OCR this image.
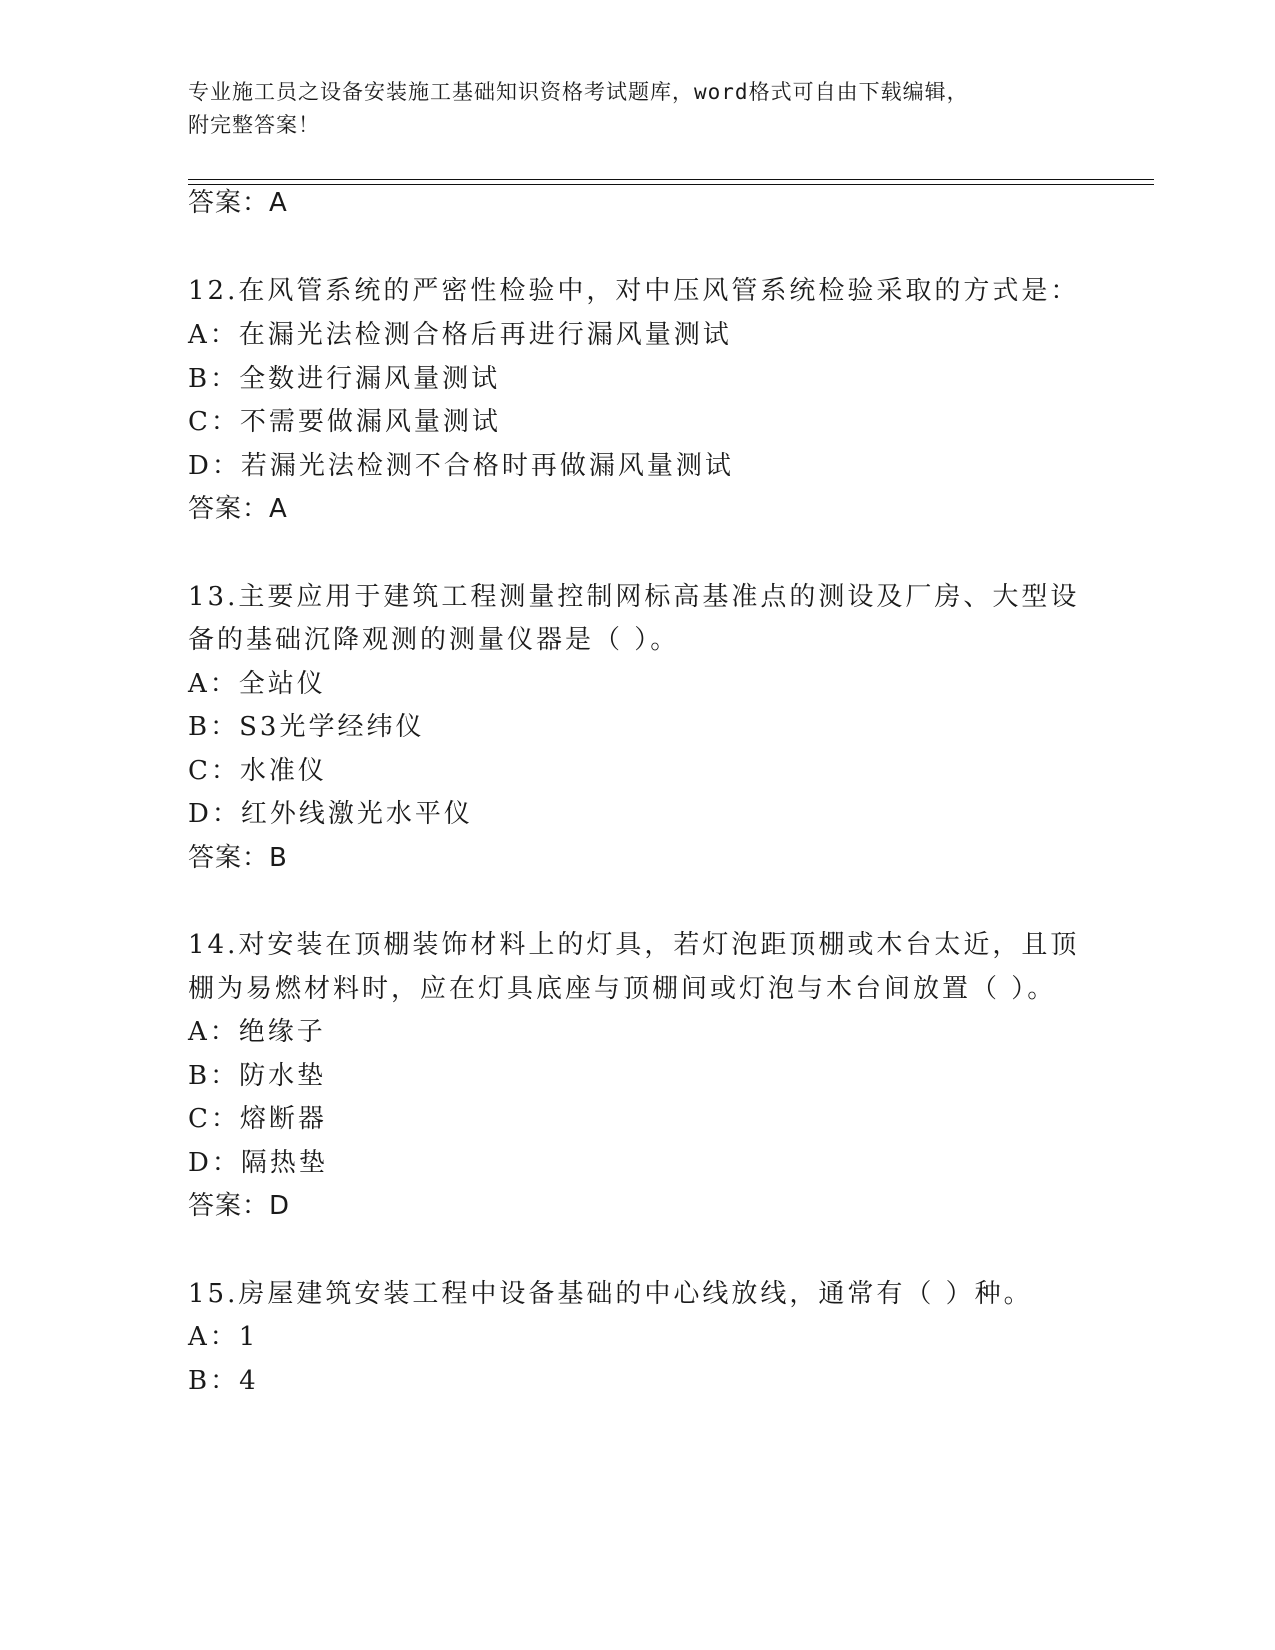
专业施工员之设备安装施工基础知识资格考试题库，word格式可自由下载编辑，
附完整答案！
答案：A
12.在风管系统的严密性检验中，对中压风管系统检验采取的方式是：
A：在漏光法检测合格后再进行漏风量测试
B：全数进行漏风量测试
C：不需要做漏风量测试
D：若漏光法检测不合格时再做漏风量测试
答案：A
13.主要应用于建筑工程测量控制网标高基准点的测设及厂房、大型设
备的基础沉降观测的测量仪器是（ ）。
A：全站仪
B：S3光学经纬仪
C：水准仪
D：红外线激光水平仪
答案：B
14.对安装在顶棚装饰材料上的灯具，若灯泡距顶棚或木台太近，且顶
棚为易燃材料时，应在灯具底座与顶棚间或灯泡与木台间放置（ ）。
A：绝缘子
B：防水垫
C：熔断器
D：隔热垫
答案：D
15.房屋建筑安装工程中设备基础的中心线放线，通常有（ ）种。
A：1
B：4
